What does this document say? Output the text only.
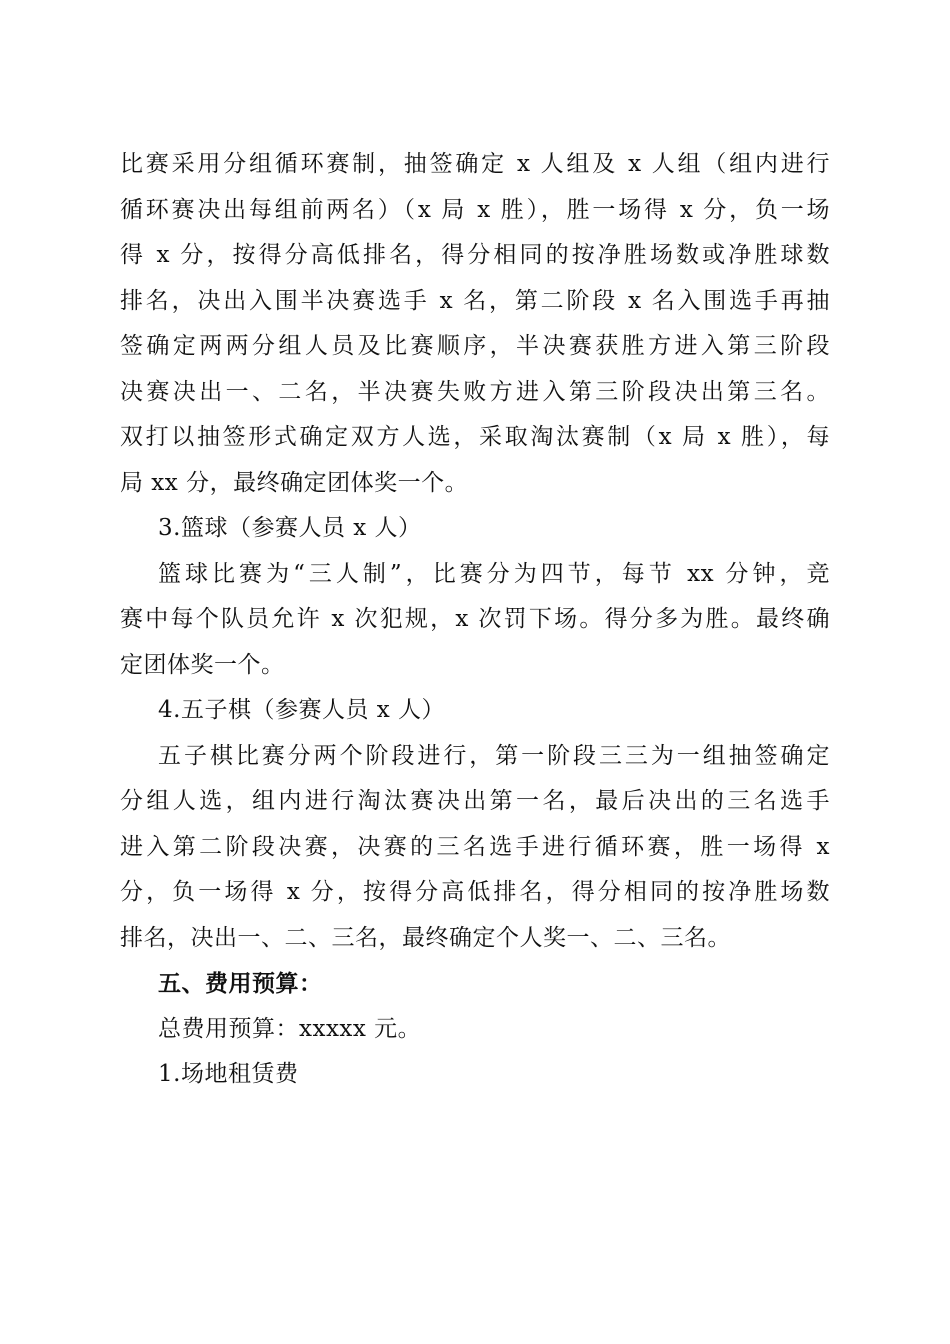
比赛采用分组循环赛制，抽签确定 x 人组及 x 人组（组内进行
循环赛决出每组前两名）（x 局 x 胜），胜一场得 x 分，负一场
得 x 分，按得分高低排名，得分相同的按净胜场数或净胜球数
排名，决出入围半决赛选手 x 名，第二阶段 x 名入围选手再抽
签确定两两分组人员及比赛顺序，半决赛获胜方进入第三阶段
决赛决出一、二名，半决赛失败方进入第三阶段决出第三名。
双打以抽签形式确定双方人选，采取淘汰赛制（x 局 x 胜），每
局 xx 分，最终确定团体奖一个。
3.篮球（参赛人员 x 人）
篮球比赛为“三人制”，比赛分为四节，每节 xx 分钟，竞
赛中每个队员允许 x 次犯规，x 次罚下场。得分多为胜。最终确
定团体奖一个。
4.五子棋（参赛人员 x 人）
五子棋比赛分两个阶段进行，第一阶段三三为一组抽签确定
分组人选，组内进行淘汰赛决出第一名，最后决出的三名选手
进入第二阶段决赛，决赛的三名选手进行循环赛，胜一场得 x
分，负一场得 x 分，按得分高低排名，得分相同的按净胜场数
排名，决出一、二、三名，最终确定个人奖一、二、三名。
五、费用预算：
总费用预算：xxxxx 元。
1.场地租赁费
